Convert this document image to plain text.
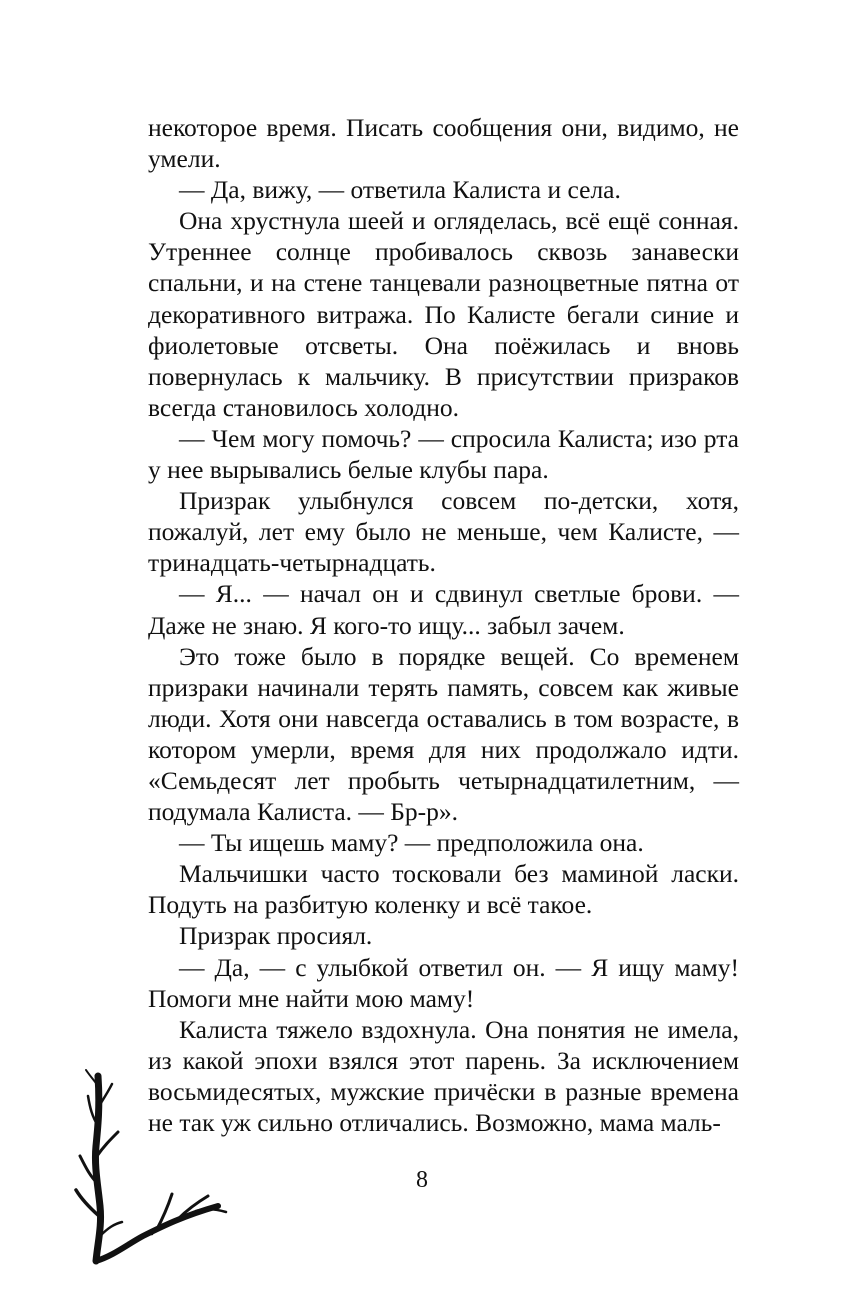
некоторое время. Писать сообщения они, видимо, не умели.

— Да, вижу, — ответила Калиста и села.

Она хрустнула шеей и огляделась, всё ещё сонная. Утреннее солнце пробивалось сквозь занавески спальни, и на стене танцевали разноцветные пятна от декоративного витража. По Калисте бегали синие и фиолетовые отсветы. Она поёжилась и вновь повернулась к мальчику. В присутствии призраков всегда становилось холодно.

— Чем могу помочь? — спросила Калиста; изо рта у нее вырывались белые клубы пара.

Призрак улыбнулся совсем по-детски, хотя, пожалуй, лет ему было не меньше, чем Калисте, — тринадцать-четырнадцать.

— Я... — начал он и сдвинул светлые брови. — Даже не знаю. Я кого-то ищу... забыл зачем.

Это тоже было в порядке вещей. Со временем призраки начинали терять память, совсем как живые люди. Хотя они навсегда оставались в том возрасте, в котором умерли, время для них продолжало идти. «Семьдесят лет пробыть четырнадцатилетним, — подумала Калиста. — Бр-р».

— Ты ищешь маму? — предположила она.

Мальчишки часто тосковали без маминой ласки. Подуть на разбитую коленку и всё такое.

Призрак просиял.

— Да, — с улыбкой ответил он. — Я ищу маму! Помоги мне найти мою маму!

Калиста тяжело вздохнула. Она понятия не имела, из какой эпохи взялся этот парень. За исключением восьмидесятых, мужские причёски в разные времена не так уж сильно отличались. Возможно, мама маль-

8
